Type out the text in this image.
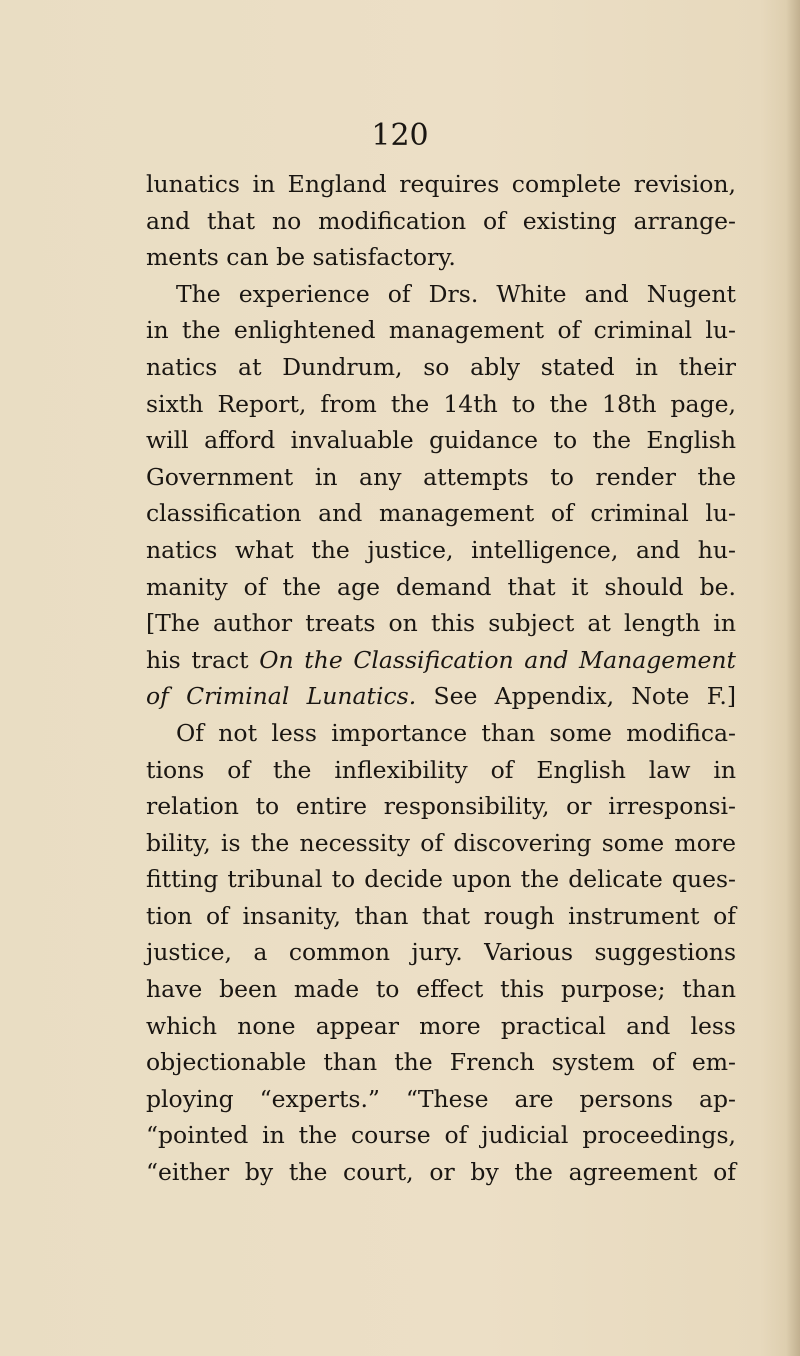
120
lunatics in England requires complete revision,
and that no modification of existing arrange-
ments can be satisfactory.
The experience of Drs. White and Nugent
in the enlightened management of criminal lu-
natics at Dundrum, so ably stated in their
sixth Report, from the 14th to the 18th page,
will afford invaluable guidance to the English
Government in any attempts to render the
classification and management of criminal lu-
natics what the justice, intelligence, and hu-
manity of the age demand that it should be.
[The author treats on this subject at length in
his tract On the Classification and Management
of Criminal Lunatics. See Appendix, Note F.]
Of not less importance than some modifica-
tions of the inflexibility of English law in
relation to entire responsibility, or irresponsi-
bility, is the necessity of discovering some more
fitting tribunal to decide upon the delicate ques-
tion of insanity, than that rough instrument of
justice, a common jury. Various suggestions
have been made to effect this purpose; than
which none appear more practical and less
objectionable than the French system of em-
ploying “experts.” “These are persons ap-
“pointed in the course of judicial proceedings,
“either by the court, or by the agreement of
